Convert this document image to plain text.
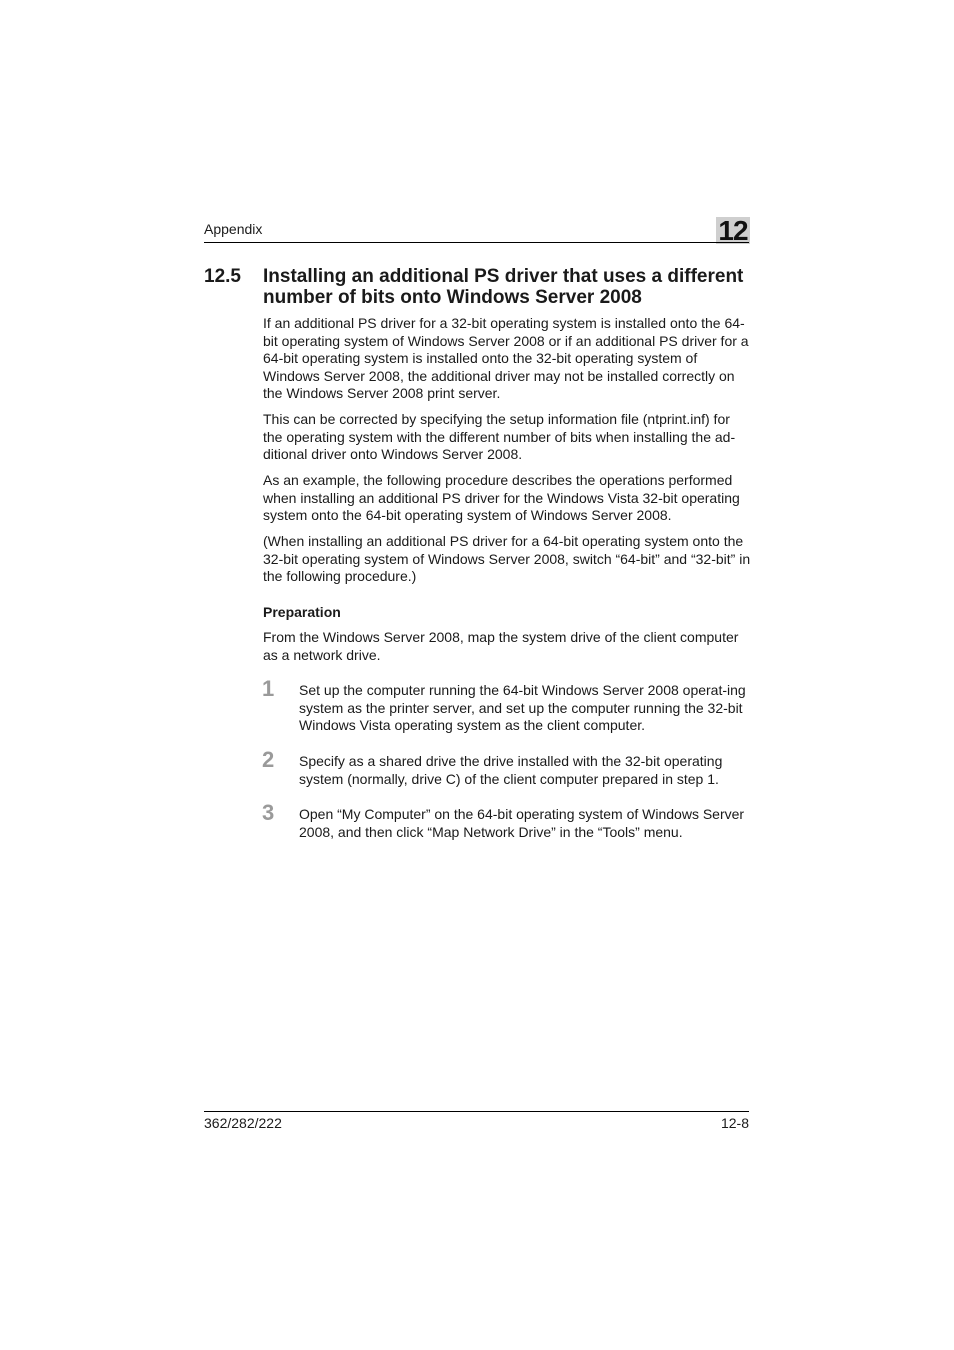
Appendix	12
12.5 Installing an additional PS driver that uses a different number of bits onto Windows Server 2008

If an additional PS driver for a 32-bit operating system is installed onto the 64-bit operating system of Windows Server 2008 or if an additional PS driver for a 64-bit operating system is installed onto the 32-bit operating system of Windows Server 2008, the additional driver may not be installed correctly on the Windows Server 2008 print server.

This can be corrected by specifying the setup information file (ntprint.inf) for the operating system with the different number of bits when installing the ad-ditional driver onto Windows Server 2008.

As an example, the following procedure describes the operations performed when installing an additional PS driver for the Windows Vista 32-bit operating system onto the 64-bit operating system of Windows Server 2008.

(When installing an additional PS driver for a 64-bit operating system onto the 32-bit operating system of Windows Server 2008, switch “64-bit” and “32-bit” in the following procedure.)

Preparation

From the Windows Server 2008, map the system drive of the client computer as a network drive.

1 Set up the computer running the 64-bit Windows Server 2008 operat-ing system as the printer server, and set up the computer running the 32-bit Windows Vista operating system as the client computer.

2 Specify as a shared drive the drive installed with the 32-bit operating system (normally, drive C) of the client computer prepared in step 1.

3 Open “My Computer” on the 64-bit operating system of Windows Server 2008, and then click “Map Network Drive” in the “Tools” menu.

362/282/222	12-8
